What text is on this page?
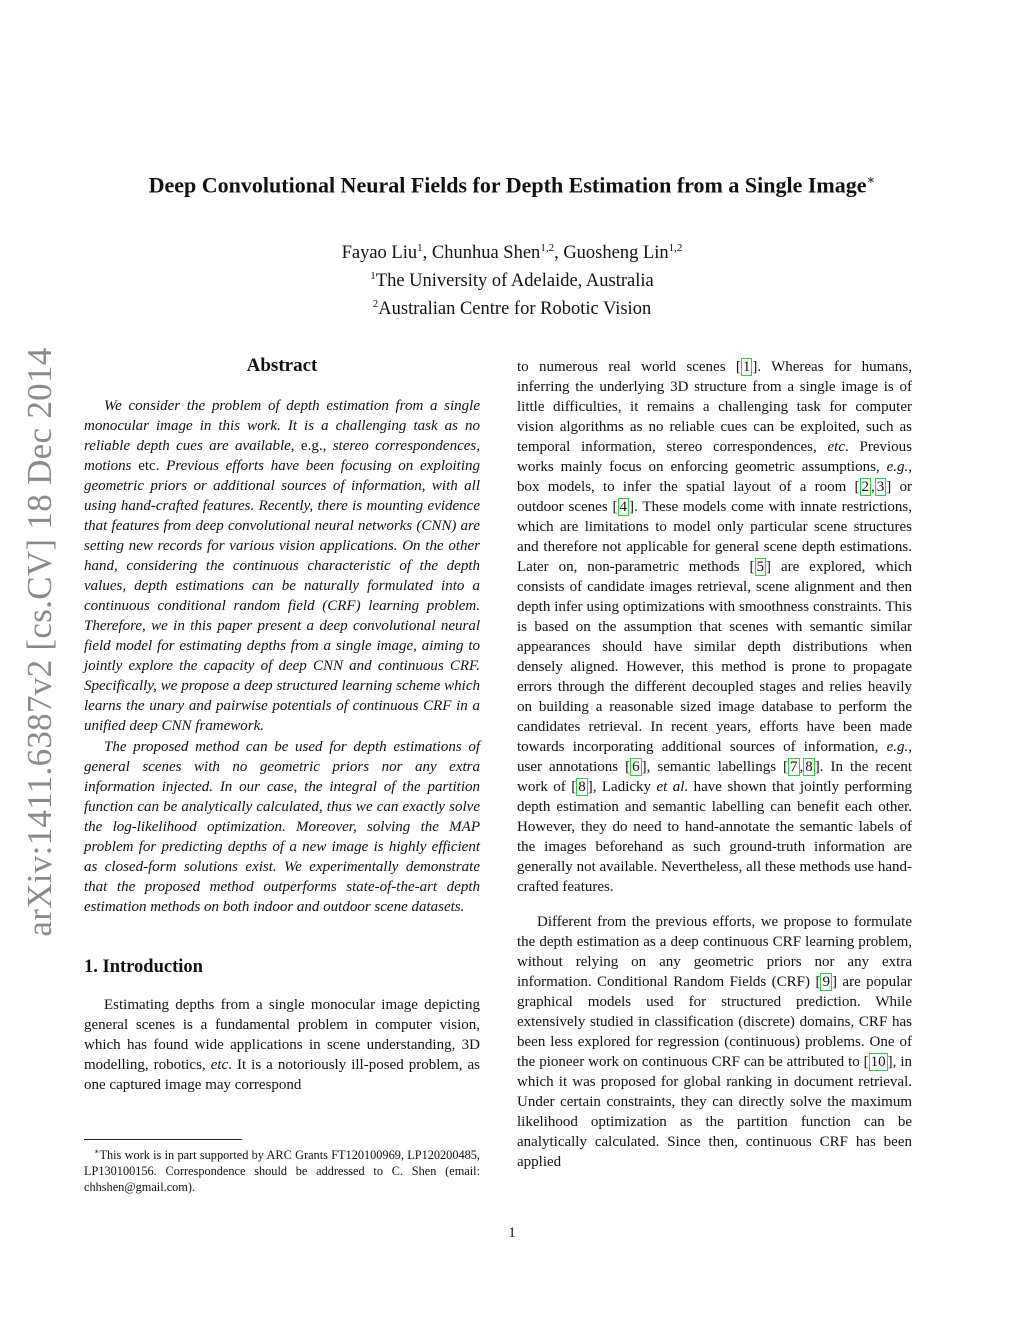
arXiv:1411.6387v2 [cs.CV] 18 Dec 2014
Deep Convolutional Neural Fields for Depth Estimation from a Single Image∗
Fayao Liu$^1$, Chunhua Shen$^{1,2}$, Guosheng Lin$^{1,2}$
$^1$The University of Adelaide, Australia
$^2$Australian Centre for Robotic Vision
Abstract

We consider the problem of depth estimation from a single monocular image in this work. It is a challenging task as no reliable depth cues are available, e.g., stereo correspondences, motions etc. Previous efforts have been focusing on exploiting geometric priors or additional sources of information, with all using hand-crafted features. Recently, there is mounting evidence that features from deep convolutional neural networks (CNN) are setting new records for various vision applications. On the other hand, considering the continuous characteristic of the depth values, depth estimations can be naturally formulated into a continuous conditional random field (CRF) learning problem. Therefore, we in this paper present a deep convolutional neural field model for estimating depths from a single image, aiming to jointly explore the capacity of deep CNN and continuous CRF. Specifically, we propose a deep structured learning scheme which learns the unary and pairwise potentials of continuous CRF in a unified deep CNN framework.

The proposed method can be used for depth estimations of general scenes with no geometric priors nor any extra information injected. In our case, the integral of the partition function can be analytically calculated, thus we can exactly solve the log-likelihood optimization. Moreover, solving the MAP problem for predicting depths of a new image is highly efficient as closed-form solutions exist. We experimentally demonstrate that the proposed method outperforms state-of-the-art depth estimation methods on both indoor and outdoor scene datasets.

1. Introduction

Estimating depths from a single monocular image depicting general scenes is a fundamental problem in computer vision, which has found wide applications in scene understanding, 3D modelling, robotics, etc. It is a notoriously ill-posed problem, as one captured image may correspond

∗This work is in part supported by ARC Grants FT120100969, LP120200485, LP130100156. Correspondence should be addressed to C. Shen (email: chhshen@gmail.com).

to numerous real world scenes [ 1 ]. Whereas for humans, inferring the underlying 3D structure from a single image is of little difficulties, it remains a challenging task for computer vision algorithms as no reliable cues can be exploited, such as temporal information, stereo correspondences, etc. Previous works mainly focus on enforcing geometric assumptions, e.g., box models, to infer the spatial layout of a room [ 2 , 3 ] or outdoor scenes [ 4 ]. These models come with innate restrictions, which are limitations to model only particular scene structures and therefore not applicable for general scene depth estimations. Later on, non-parametric methods [ 5 ] are explored, which consists of candidate images retrieval, scene alignment and then depth infer using optimizations with smoothness constraints. This is based on the assumption that scenes with semantic similar appearances should have similar depth distributions when densely aligned. However, this method is prone to propagate errors through the different decoupled stages and relies heavily on building a reasonable sized image database to perform the candidates retrieval. In recent years, efforts have been made towards incorporating additional sources of information, e.g., user annotations [ 6 ], semantic labellings [ 7 , 8 ]. In the recent work of [ 8 ], Ladicky et al. have shown that jointly performing depth estimation and semantic labelling can benefit each other. However, they do need to hand-annotate the semantic labels of the images beforehand as such ground-truth information are generally not available. Nevertheless, all these methods use hand-crafted features.

Different from the previous efforts, we propose to formulate the depth estimation as a deep continuous CRF learning problem, without relying on any geometric priors nor any extra information. Conditional Random Fields (CRF) [ 9 ] are popular graphical models used for structured prediction. While extensively studied in classification (discrete) domains, CRF has been less explored for regression (continuous) problems. One of the pioneer work on continuous CRF can be attributed to [ 10 ], in which it was proposed for global ranking in document retrieval. Under certain constraints, they can directly solve the maximum likelihood optimization as the partition function can be analytically calculated. Since then, continuous CRF has been applied

1
